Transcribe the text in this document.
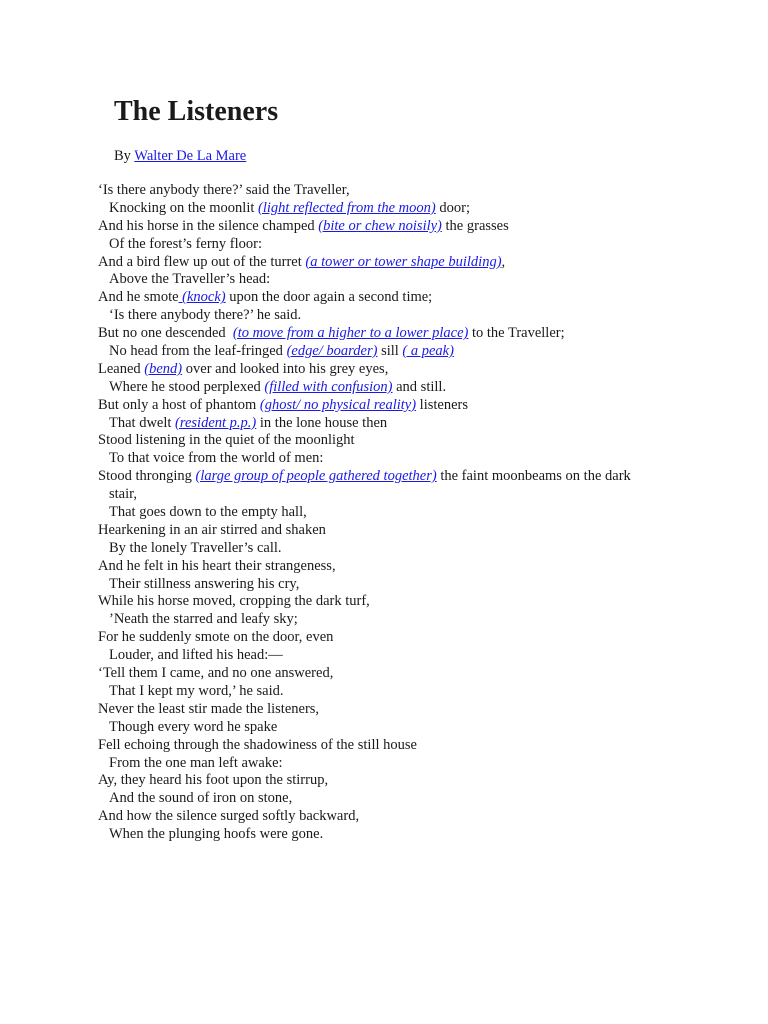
The Listeners
By Walter De La Mare
‘Is there anybody there?’ said the Traveller,
Knocking on the moonlit (light reflected from the moon) door;
And his horse in the silence champed (bite or chew noisily) the grasses
Of the forest’s ferny floor:
And a bird flew up out of the turret (a tower or tower shape building),
Above the Traveller’s head:
And he smote (knock) upon the door again a second time;
‘Is there anybody there?’ he said.
But no one descended  (to move from a higher to a lower place) to the Traveller;
No head from the leaf-fringed (edge/ boarder) sill ( a peak)
Leaned (bend) over and looked into his grey eyes,
Where he stood perplexed (filled with confusion) and still.
But only a host of phantom (ghost/ no physical reality) listeners
That dwelt (resident p.p.) in the lone house then
Stood listening in the quiet of the moonlight
To that voice from the world of men:
Stood thronging (large group of people gathered together) the faint moonbeams on the dark
stair,
That goes down to the empty hall,
Hearkening in an air stirred and shaken
By the lonely Traveller’s call.
And he felt in his heart their strangeness,
Their stillness answering his cry,
While his horse moved, cropping the dark turf,
’Neath the starred and leafy sky;
For he suddenly smote on the door, even
Louder, and lifted his head:—
‘Tell them I came, and no one answered,
That I kept my word,’ he said.
Never the least stir made the listeners,
Though every word he spake
Fell echoing through the shadowiness of the still house
From the one man left awake:
Ay, they heard his foot upon the stirrup,
And the sound of iron on stone,
And how the silence surged softly backward,
When the plunging hoofs were gone.
